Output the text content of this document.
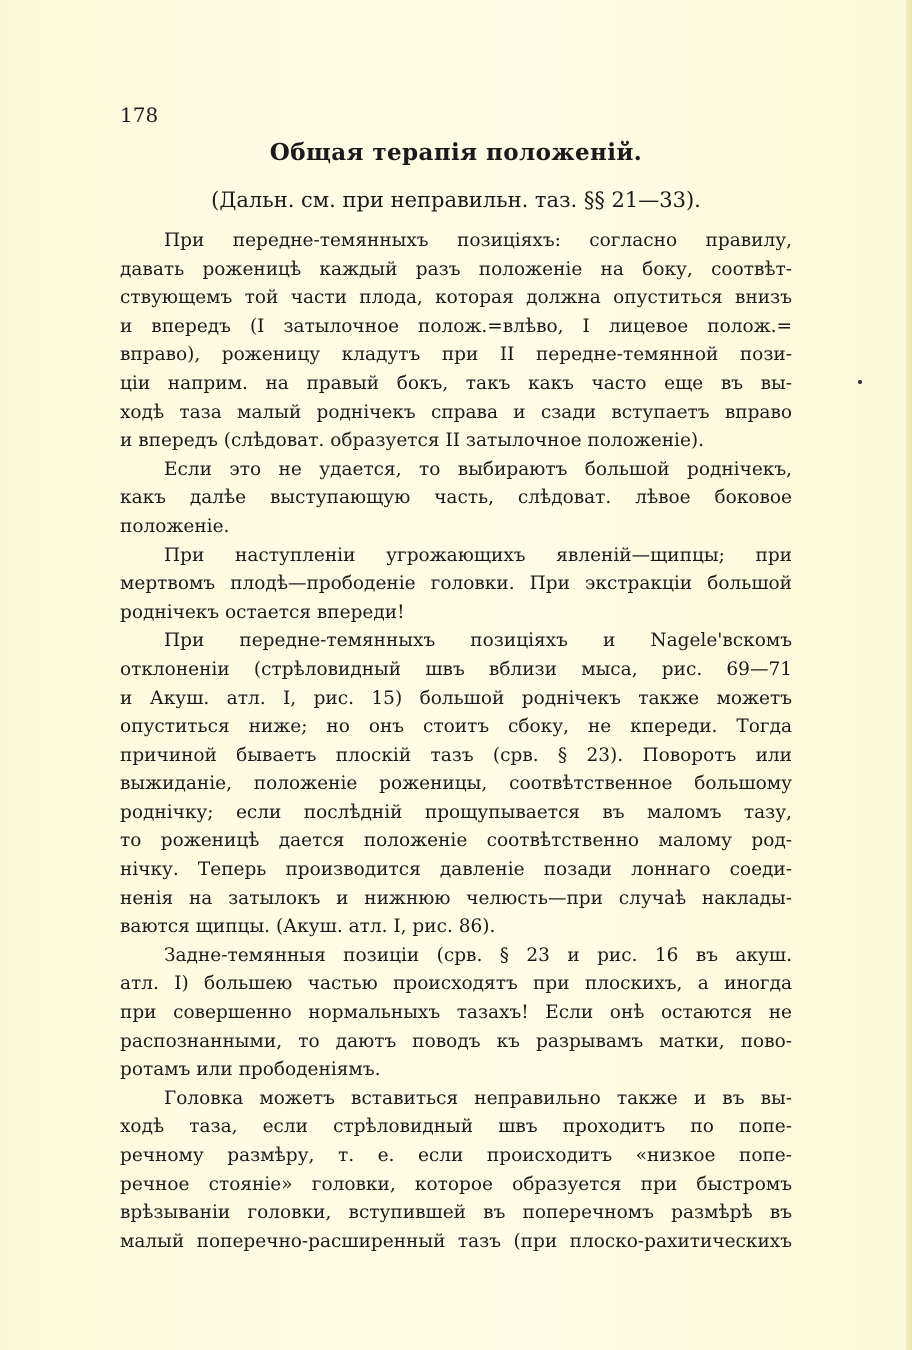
178
Общая терапія положеній.
(Дальн. см. при неправильн. таз. §§ 21—33).
При передне-темянныхъ позиціяхъ: согласно правилу,
давать роженицѣ каждый разъ положеніе на боку, соотвѣт-
ствующемъ той части плода, которая должна опуститься внизъ
и впередъ (I затылочное полож.=влѣво, I лицевое полож.=
вправо), роженицу кладутъ при II передне-темянной пози-
ціи наприм. на правый бокъ, такъ какъ часто еще въ вы-
ходѣ таза малый роднічекъ справа и сзади вступаетъ вправо
и впередъ (слѣдоват. образуется II затылочное положеніе).
Если это не удается, то выбираютъ большой роднічекъ,
какъ далѣе выступающую часть, слѣдоват. лѣвое боковое
положеніе.
При наступленіи угрожающихъ явленій—щипцы; при
мертвомъ плодѣ—прободеніе головки. При экстракціи большой
роднічекъ остается впереди!
При передне-темянныхъ позиціяхъ и Nagele'вскомъ
отклоненіи (стрѣловидный швъ вблизи мыса, рис. 69—71
и Акуш. атл. I, рис. 15) большой роднічекъ также можетъ
опуститься ниже; но онъ стоитъ сбоку, не кпереди. Тогда
причиной бываетъ плоскій тазъ (срв. § 23). Поворотъ или
выжиданіе, положеніе роженицы, соотвѣтственное большому
роднічку; если послѣдній прощупывается въ маломъ тазу,
то роженицѣ дается положеніе соотвѣтственно малому род-
нічку. Теперь производится давленіе позади лоннаго соеди-
ненія на затылокъ и нижнюю челюсть—при случаѣ наклады-
ваются щипцы. (Акуш. атл. I, рис. 86).
Задне-темянныя позиціи (срв. § 23 и рис. 16 въ акуш.
атл. I) большею частью происходятъ при плоскихъ, а иногда
при совершенно нормальныхъ тазахъ! Если онѣ остаются не
распознанными, то даютъ поводъ къ разрывамъ матки, пово-
ротамъ или прободеніямъ.
Головка можетъ вставиться неправильно также и въ вы-
ходѣ таза, если стрѣловидный швъ проходитъ по попе-
речному размѣру, т. е. если происходитъ «низкое попе-
речное стояніе» головки, которое образуется при быстромъ
врѣзываніи головки, вступившей въ поперечномъ размѣрѣ въ
малый поперечно-расширенный тазъ (при плоско-рахитическихъ
